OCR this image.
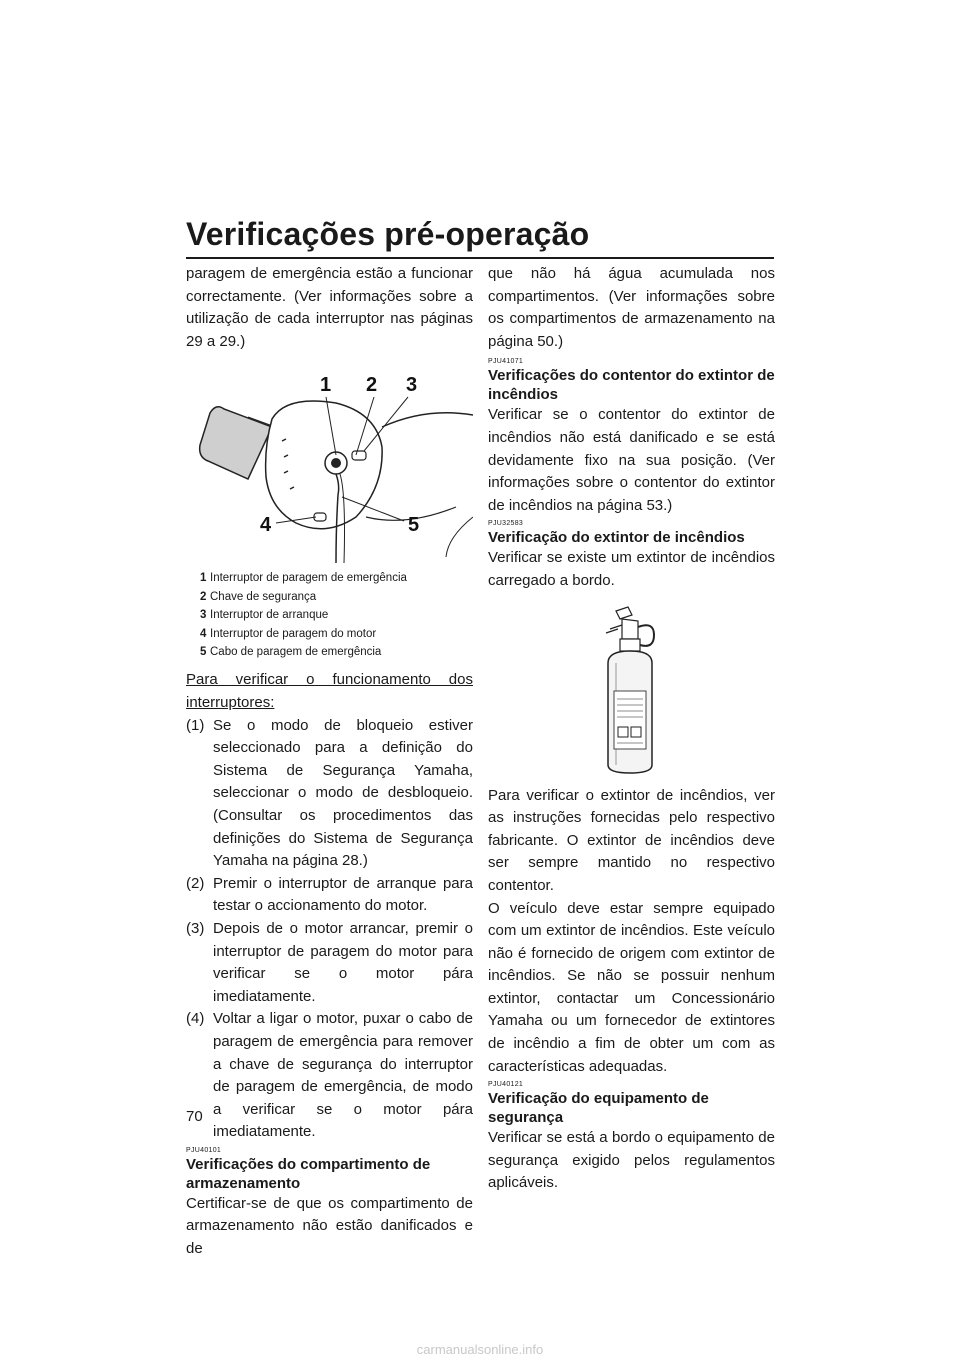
Verificações pré-operação

paragem de emergência estão a funcionar correctamente. (Ver informações sobre a utilização de cada interruptor nas páginas 29 a 29.)

1 2 3
4	5
1 Interruptor de paragem de emergência
2 Chave de segurança
3 Interruptor de arranque
4 Interruptor de paragem do motor
5 Cabo de paragem de emergência

Para verificar o funcionamento dos interruptores:

(1) Se o modo de bloqueio estiver seleccionado para a definição do Sistema de Segurança Yamaha, seleccionar o modo de desbloqueio. (Consultar os procedimentos das definições do Sistema de Segurança Yamaha na página 28.)
(2) Premir o interruptor de arranque para testar o accionamento do motor.
(3) Depois de o motor arrancar, premir o interruptor de paragem do motor para verificar se o motor pára imediatamente.
(4) Voltar a ligar o motor, puxar o cabo de paragem de emergência para remover a chave de segurança do interruptor de paragem de emergência, de modo a verificar se o motor pára imediatamente.
PJU40101
Verificações do compartimento de armazenamento

Certificar-se de que os compartimento de armazenamento não estão danificados e de

que não há água acumulada nos compartimentos. (Ver informações sobre os compartimentos de armazenamento na página 50.)

PJU41071
Verificações do contentor do extintor de incêndios

Verificar se o contentor do extintor de incêndios não está danificado e se está devidamente fixo na sua posição. (Ver informações sobre o contentor do extintor de incêndios na página 53.)

PJU32583
Verificação do extintor de incêndios

Verificar se existe um extintor de incêndios carregado a bordo.

Para verificar o extintor de incêndios, ver as instruções fornecidas pelo respectivo fabricante. O extintor de incêndios deve ser sempre mantido no respectivo contentor.

O veículo deve estar sempre equipado com um extintor de incêndios. Este veículo não é fornecido de origem com extintor de incêndios. Se não se possuir nenhum extintor, contactar um Concessionário Yamaha ou um fornecedor de extintores de incêndio a fim de obter um com as características adequadas.

PJU40121
Verificação do equipamento de segurança

Verificar se está a bordo o equipamento de segurança exigido pelos regulamentos aplicáveis.

70
carmanualsonline.info
